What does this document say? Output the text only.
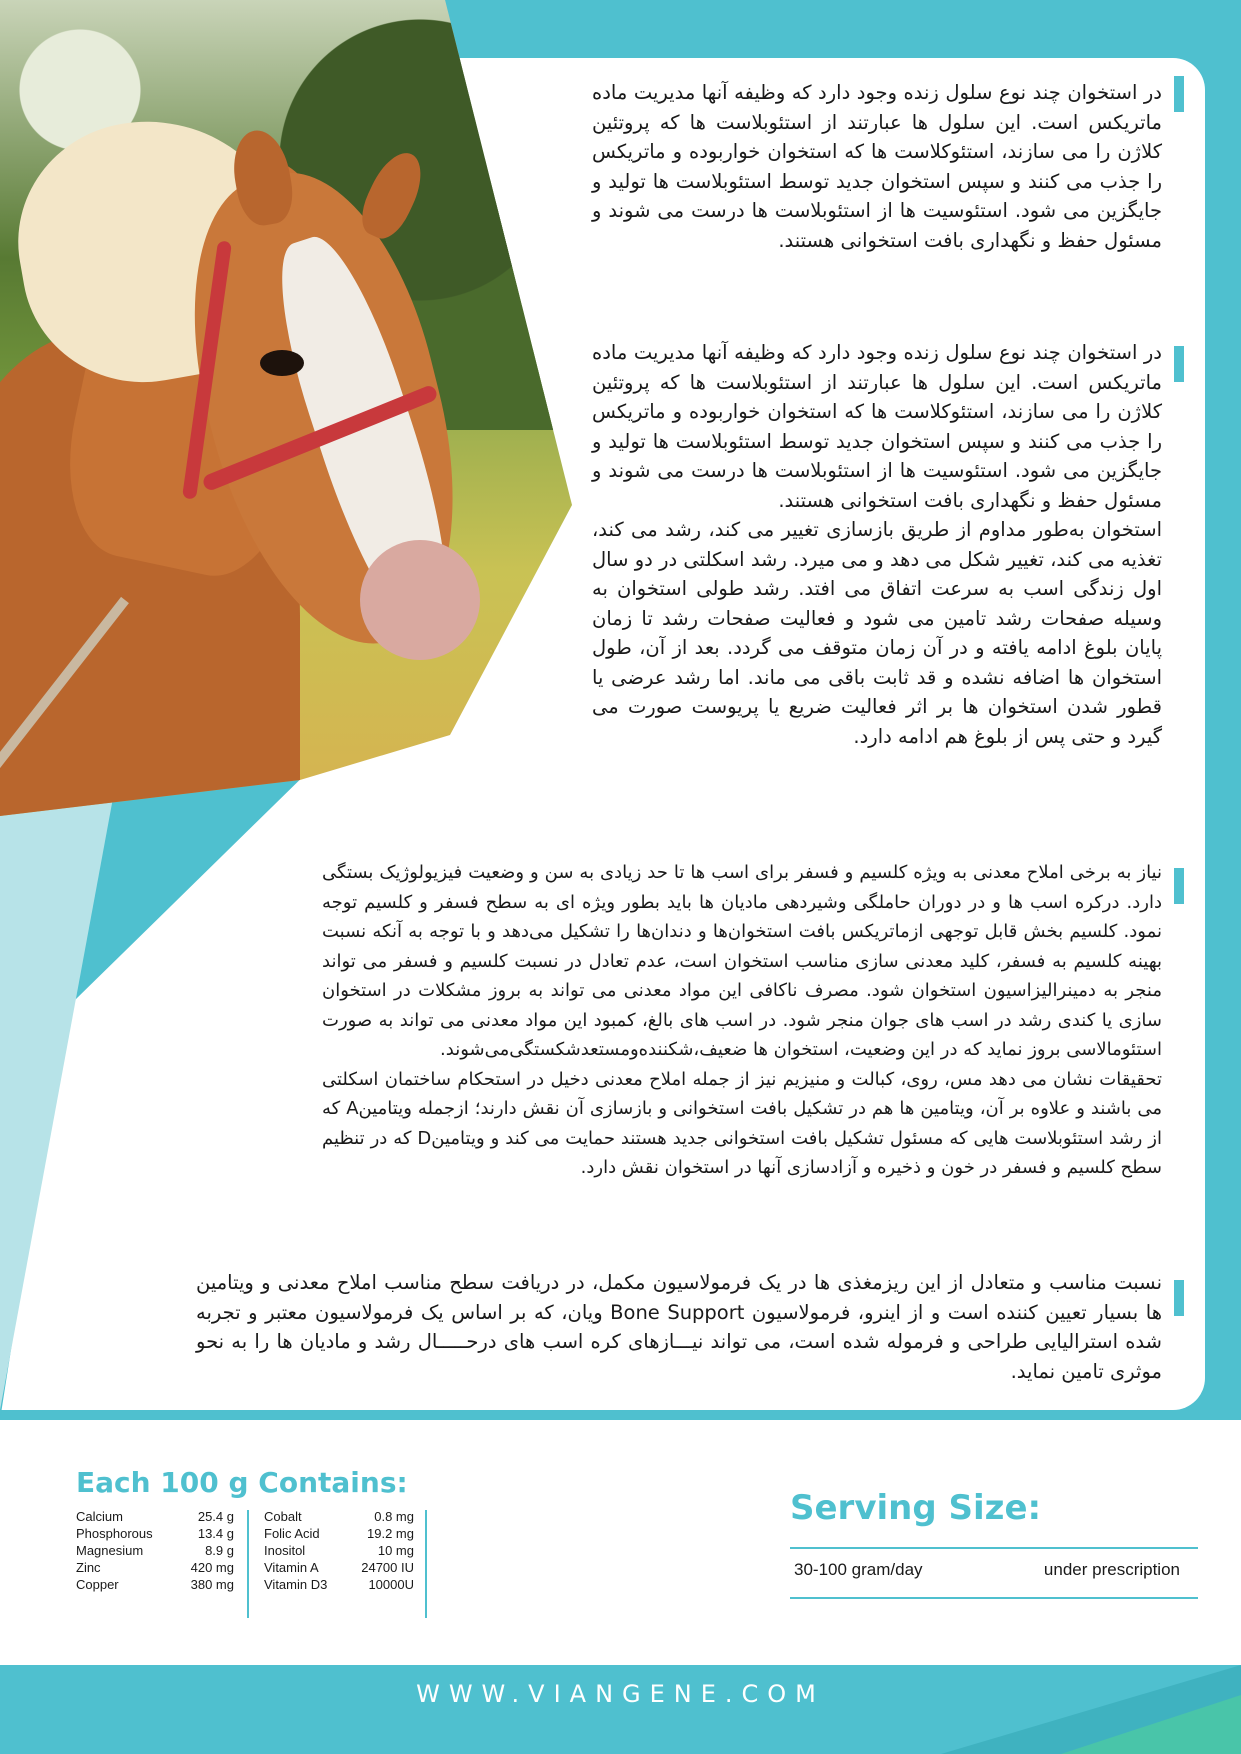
در استخوان چند نوع سلول زنده وجود دارد که وظیفه آنها مدیریت ماده ماتریکس است. این سلول ها عبارتند از استئوبلاست ها که پروتئین کلاژن را می سازند، استئوکلاست ها که استخوان خواربوده و ماتریکس را جذب می کنند و سپس استخوان جدید توسط استئوبلاست ها تولید و جایگزین می شود. استئوسیت ها از استئوبلاست ها درست می شوند و مسئول حفظ و نگهداری بافت استخوانی هستند.

در استخوان چند نوع سلول زنده وجود دارد که وظیفه آنها مدیریت ماده ماتریکس است. این سلول ها عبارتند از استئوبلاست ها که پروتئین کلاژن را می سازند، استئوکلاست ها که استخوان خواربوده و ماتریکس را جذب می کنند و سپس استخوان جدید توسط استئوبلاست ها تولید و جایگزین می شود. استئوسیت ها از استئوبلاست ها درست می شوند و مسئول حفظ و نگهداری بافت استخوانی هستند.

استخوان به‌طور مداوم از طریق بازسازی تغییر می کند، رشد می کند، تغذیه می کند، تغییر شکل می دهد و می میرد. رشد اسکلتی در دو سال اول زندگی اسب به سرعت اتفاق می افتد. رشد طولی استخوان به وسیله صفحات رشد تامین می شود و فعالیت صفحات رشد تا زمان پایان بلوغ ادامه یافته و در آن زمان متوقف می گردد. بعد از آن، طول استخوان ها اضافه نشده و قد ثابت باقی می ماند. اما رشد عرضی یا قطور شدن استخوان ها بر اثر فعالیت ضریع یا پریوست صورت می گیرد و حتی پس از بلوغ هم ادامه دارد.

نیاز به برخی املاح معدنی به ویژه کلسیم و فسفر برای اسب ها تا حد زیادی به سن و وضعیت فیزیولوژیک بستگی دارد. درکره اسب ها و در دوران حاملگی وشیردهی مادیان ها باید بطور ویژه ای به سطح فسفر و کلسیم توجه نمود. کلسیم بخش قابل توجهی ازماتریکس بافت استخوان‌ها و دندان‌ها را تشکیل می‌دهد و با توجه به آنکه نسبت بهینه کلسیم به فسفر، کلید معدنی سازی مناسب استخوان است، عدم تعادل در نسبت کلسیم و فسفر می تواند منجر به دمینرالیزاسیون استخوان شود. مصرف ناکافی این مواد معدنی می تواند به بروز مشکلات در استخوان سازی یا کندی رشد در اسب های جوان منجر شود. در اسب های بالغ، کمبود این مواد معدنی می تواند به صورت استئومالاسی بروز نماید که در این وضعیت، استخوان ها ضعیف،شکننده‌ومستعدشکستگی‌می‌شوند.

تحقیقات نشان می دهد مس، روی، کبالت و منیزیم نیز از جمله املاح معدنی دخیل در استحکام ساختمان اسکلتی می باشند و علاوه بر آن، ویتامین ها هم در تشکیل بافت استخوانی و بازسازی آن نقش دارند؛ ازجمله ویتامینA که از رشد استئوبلاست هایی که مسئول تشکیل بافت استخوانی جدید هستند حمایت می کند و ویتامینD که در تنظیم سطح کلسیم و فسفر در خون و ذخیره و آزادسازی آنها در استخوان نقش دارد.

نسبت مناسب و متعادل از این ریزمغذی ها در یک فرمولاسیون مکمل، در دریافت سطح مناسب املاح معدنی و ویتامین ها بسیار تعیین کننده است و از اینرو، فرمولاسیون Bone Support ویان، که بر اساس یک فرمولاسیون معتبر و تجربه شده استرالیایی طراحی و فرموله شده است، می تواند نیـــازهای کره اسب های درحـــــال رشد و مادیان ها را به نحو موثری تامین نماید.

Each 100 g Contains:
Calcium	25.4 g
Phosphorous	13.4 g
Magnesium	8.9 g
Zinc	420 mg
Copper	380 mg
Cobalt	0.8 mg
Folic Acid	19.2 mg
Inositol	10 mg
Vitamin A	24700 IU
Vitamin D3	10000U
Serving Size:
30-100 gram/day	under prescription
WWW.VIANGENE.COM
